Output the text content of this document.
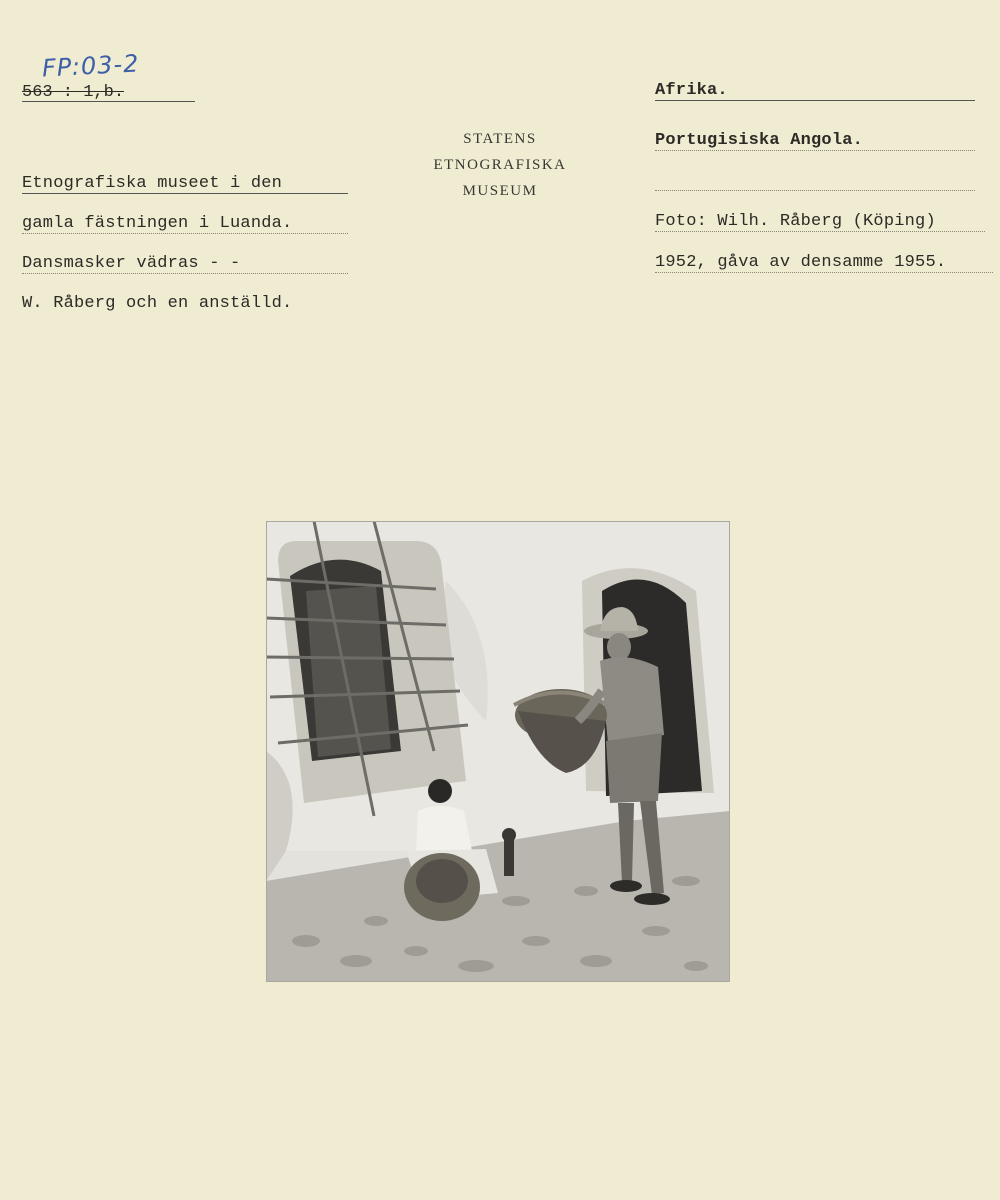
FP:03-2
563 : 1,b.
STATENS
ETNOGRAFISKA
MUSEUM
Etnografiska museet i den
gamla fästningen i Luanda.
Dansmasker vädras - -
W. Råberg och en anställd.
Afrika.
Portugisiska Angola.
Foto: Wilh. Råberg (Köping)
1952, gåva av densamme 1955.
